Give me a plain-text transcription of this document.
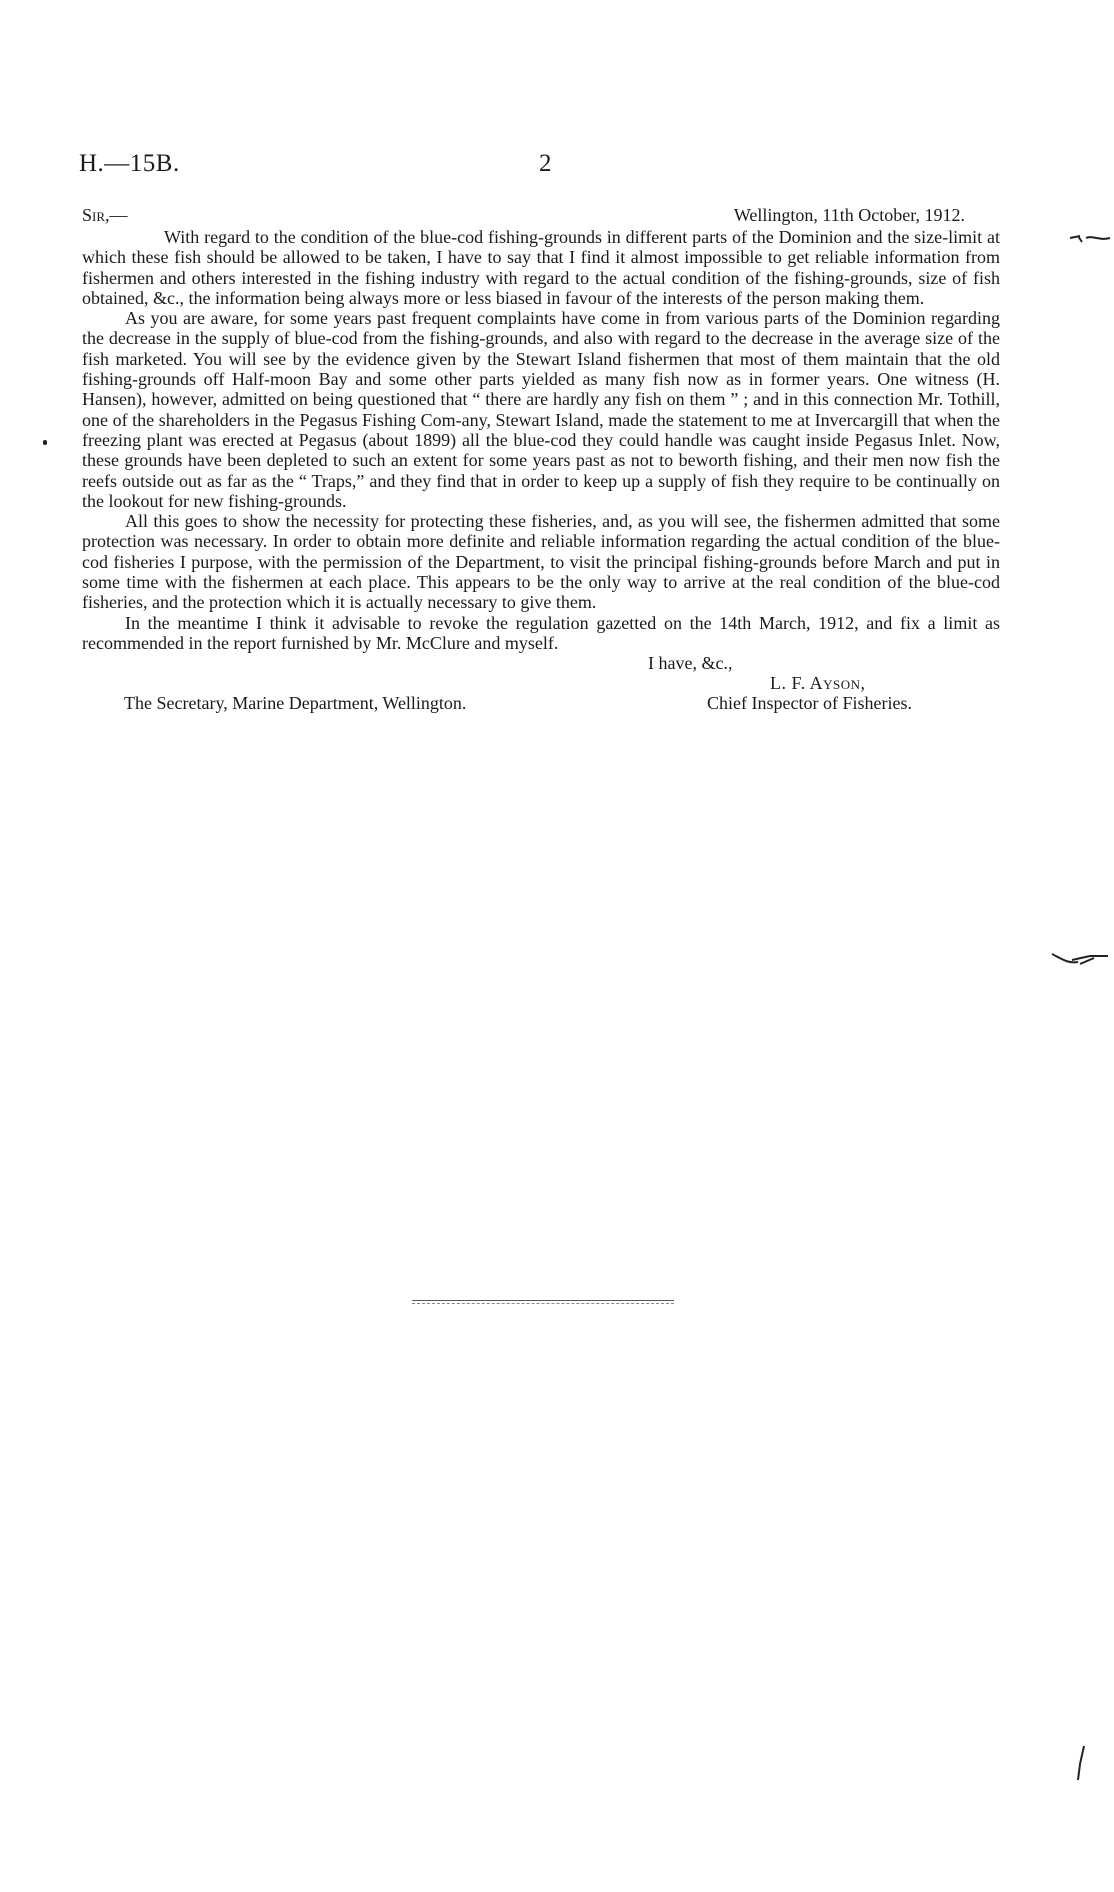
H.—15B.	2
Sir,—	Wellington, 11th October, 1912.

With regard to the condition of the blue-cod fishing-grounds in different parts of the Dominion and the size-limit at which these fish should be allowed to be taken, I have to say that I find it almost impossible to get reliable information from fishermen and others interested in the fishing industry with regard to the actual condition of the fishing-grounds, size of fish obtained, &c., the information being always more or less biased in favour of the interests of the person making them.

As you are aware, for some years past frequent complaints have come in from various parts of the Dominion regarding the decrease in the supply of blue-cod from the fishing-grounds, and also with regard to the decrease in the average size of the fish marketed. You will see by the evidence given by the Stewart Island fishermen that most of them maintain that the old fishing-grounds off Half-moon Bay and some other parts yielded as many fish now as in former years. One witness (H. Hansen), however, admitted on being questioned that “ there are hardly any fish on them ” ; and in this connection Mr. Tothill, one of the shareholders in the Pegasus Fishing Com‑any, Stewart Island, made the statement to me at Invercargill that when the freezing plant was erected at Pegasus (about 1899) all the blue-cod they could handle was caught inside Pegasus Inlet. Now, these grounds have been depleted to such an extent for some years past as not to beworth fishing, and their men now fish the reefs outside out as far as the “ Traps,” and they find that in order to keep up a supply of fish they require to be continually on the lookout for new fishing-grounds.

All this goes to show the necessity for protecting these fisheries, and, as you will see, the fishermen admitted that some protection was necessary. In order to obtain more definite and reliable information regarding the actual condition of the blue-cod fisheries I purpose, with the permission of the Department, to visit the principal fishing-grounds before March and put in some time with the fishermen at each place. This appears to be the only way to arrive at the real condition of the blue-cod fisheries, and the protection which it is actually necessary to give them.

In the meantime I think it advisable to revoke the regulation gazetted on the 14th March, 1912, and fix a limit as recommended in the report furnished by Mr. McClure and myself.

I have, &c.,
L. F. Ayson,
Chief Inspector of Fisheries.
The Secretary, Marine Department, Wellington.
